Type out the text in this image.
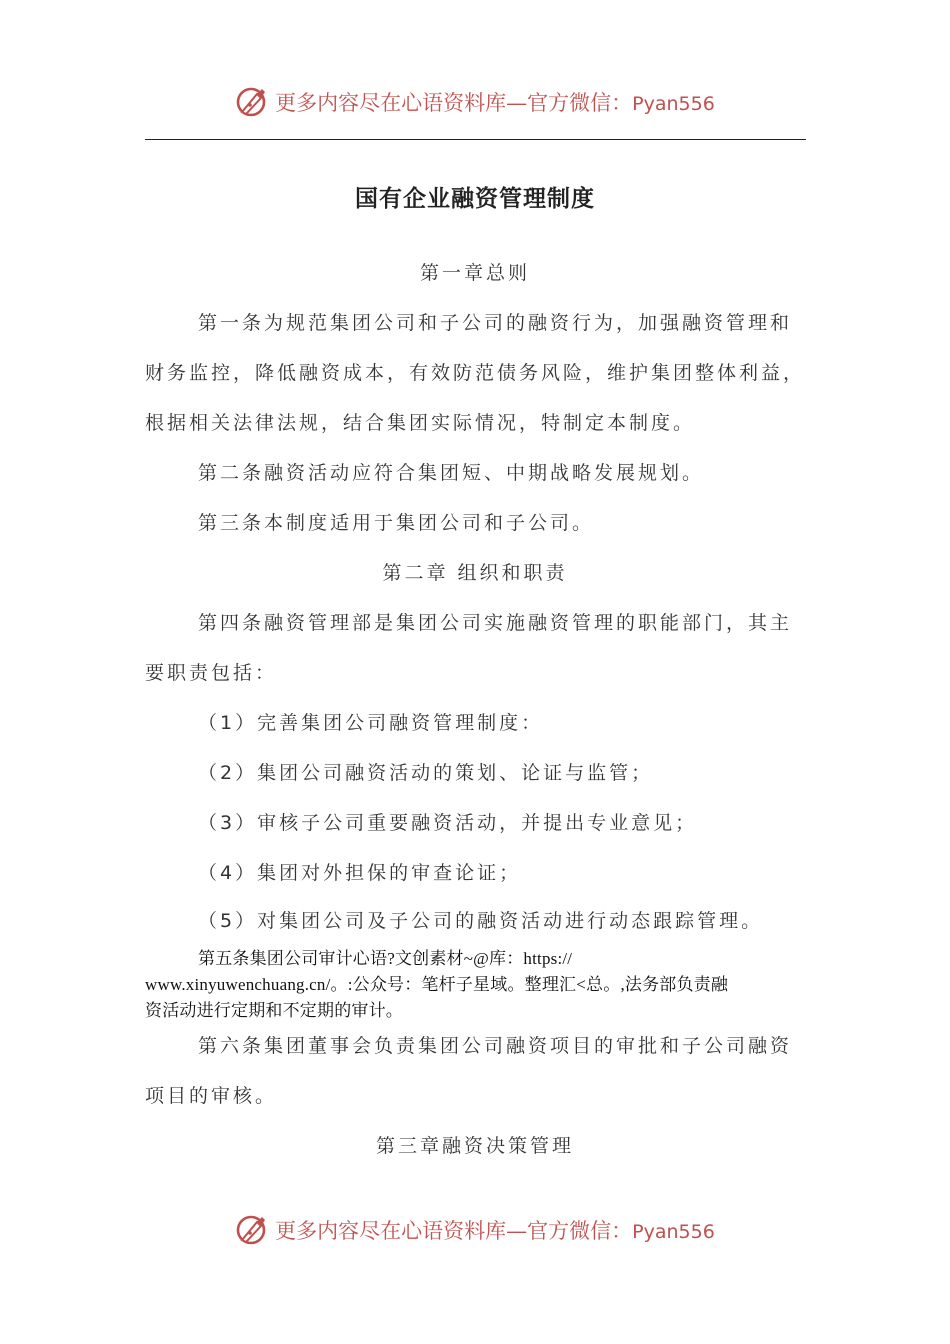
更多内容尽在心语资料库—官方微信：Pyan556
国有企业融资管理制度
第一章总则
第一条为规范集团公司和子公司的融资行为，加强融资管理和
财务监控，降低融资成本，有效防范债务风险，维护集团整体利益，
根据相关法律法规，结合集团实际情况，特制定本制度。
第二条融资活动应符合集团短、中期战略发展规划。
第三条本制度适用于集团公司和子公司。
第二章 组织和职责
第四条融资管理部是集团公司实施融资管理的职能部门，其主
要职责包括：
（1）完善集团公司融资管理制度：
（2）集团公司融资活动的策划、论证与监管；
（3）审核子公司重要融资活动，并提出专业意见；
（4）集团对外担保的审查论证；
（5）对集团公司及子公司的融资活动进行动态跟踪管理。
第五条集团公司审计心语?文创素材~@库：https://
www.xinyuwenchuang.cn/。:公众号：笔杆子星域。整理汇<总。,法务部负责融
资活动进行定期和不定期的审计。
第六条集团董事会负责集团公司融资项目的审批和子公司融资
项目的审核。
第三章融资决策管理
更多内容尽在心语资料库—官方微信：Pyan556
